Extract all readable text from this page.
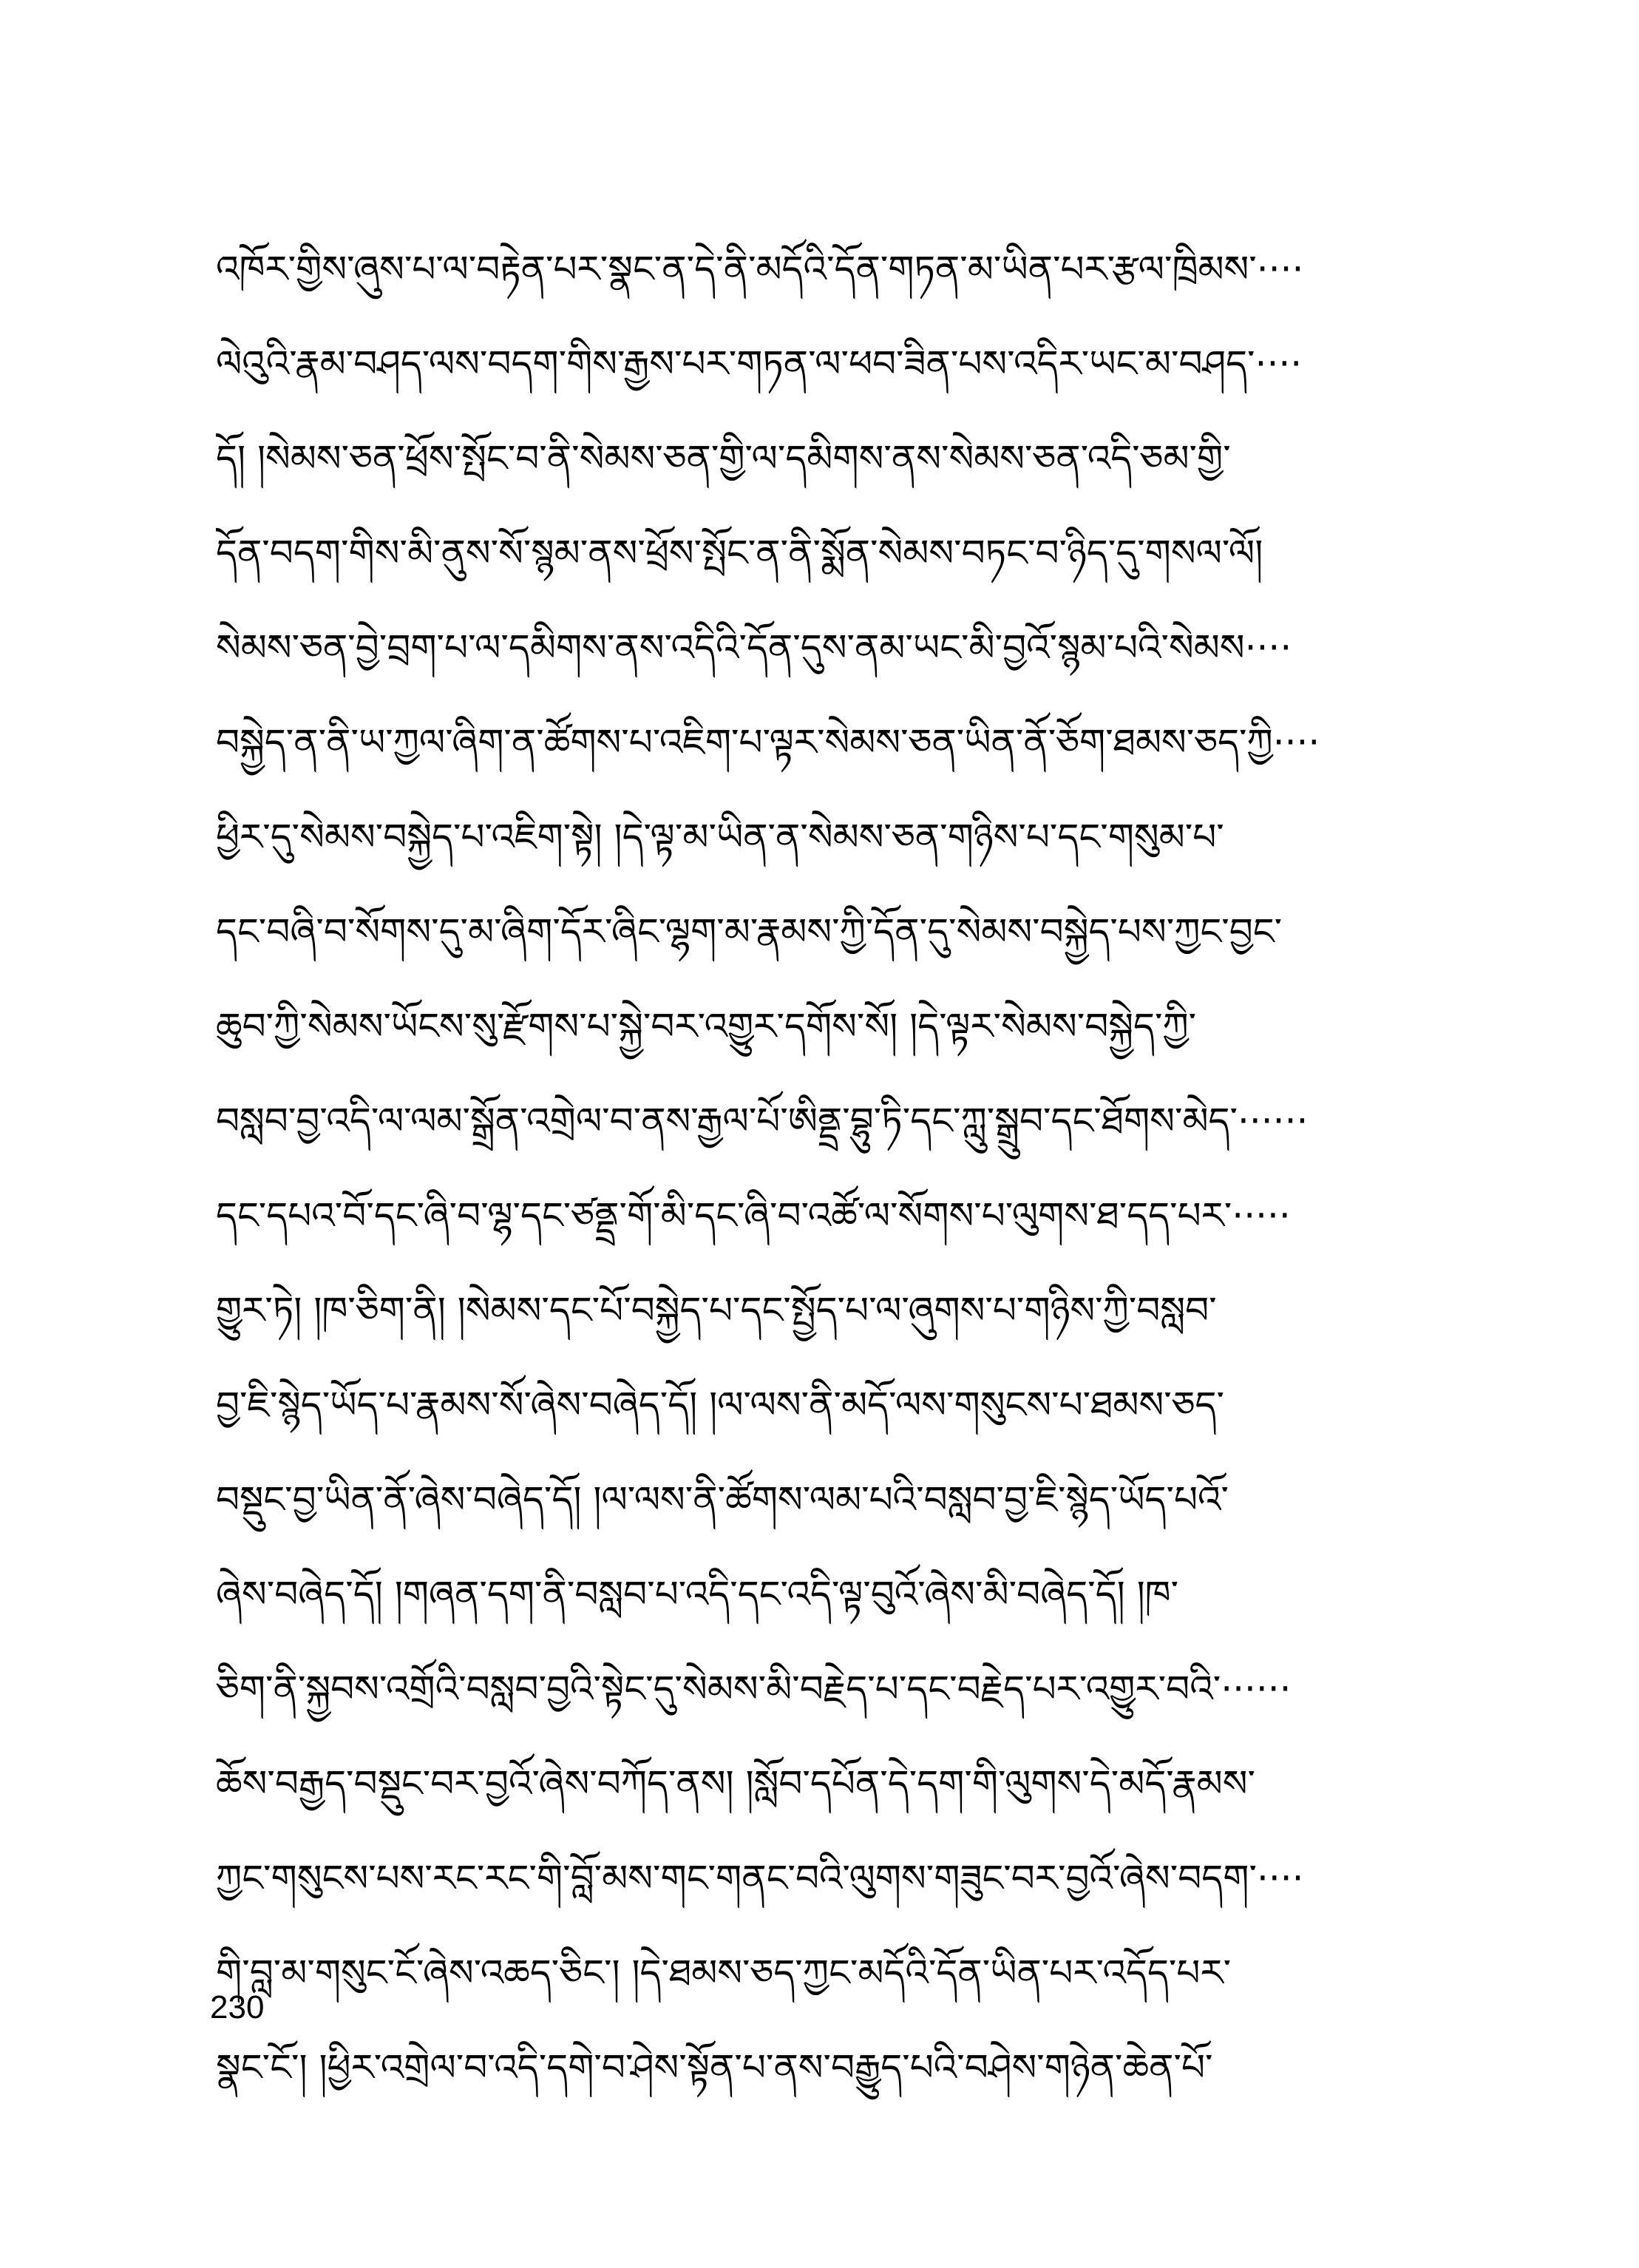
འཁོར་གྱིས་ཞུས་པ་ལ་བརྟེན་པར་སྣང་ན་དེ་ནི་མདོའི་དོན་གཏན་མ་ཡིན་པར་རྩལ་ཁྲིམས་····
ལེའུའི་རྣམ་བཤད་ལས་བདག་གིས་རྒྱས་པར་གཏན་ལ་ཕབ་ཟིན་པས་འདིར་ཡང་མ་བཤད་····
དོ། །སེམས་ཅན་ཕྲོས་སྤོང་བ་ནི་སེམས་ཅན་གྱི་ལ་དམིགས་ནས་སེམས་ཅན་འདི་ཅམ་གྱི་
དོན་བདག་གིས་མི་ནུས་སོ་སྙམ་ནས་ཕྲོས་སྤོང་ན་ནི་སྨོན་སེམས་བཏང་བ་ཉིད་དུ་གསལ་ལོ།
སེམས་ཅན་བྱེ་བྲག་པ་ལ་དམིགས་ནས་འདིའི་དོན་དུས་ནམ་ཡང་མི་བྱའོ་སྙམ་པའི་སེམས····
བསྐྱེད་ན་ནི་ཡ་ཀྱལ་ཞིག་ན་ཚོགས་པ་འཇིག་པ་ལྟར་སེམས་ཅན་ཡིན་ནོ་ཅོག་ཐམས་ཅད་ཀྱི····
ཕྱིར་དུ་སེམས་བསྐྱེད་པ་འཇིག་སྟེ། །དེ་ལྟ་མ་ཡིན་ན་སེམས་ཅན་གཉིས་པ་དང་གསུམ་པ་
དང་བཞི་བ་སོགས་དུ་མ་ཞིག་དོར་ཞིང་ལྷག་མ་རྣམས་ཀྱི་དོན་དུ་སེམས་བསྐྱེད་པས་ཀྱང་བྱང་
ཆུབ་ཀྱི་སེམས་ཡོངས་སུ་རྫོགས་པ་སྐྱེ་བར་འགྱུར་དགོས་སོ། །དེ་ལྟར་སེམས་བསྐྱེད་ཀྱི་
བསླབ་བྱ་འདི་ལ་ལམ་སྒྲོན་འགྲེལ་བ་ནས་རྒྱལ་པོ་ཨིནྡྲ་བྷུ་ཏི་དང་ཀླུ་སྒྲུབ་དང་ཐོགས་མེད་······
དང་དཔའ་བོ་དང་ཞི་བ་ལྷ་དང་ཙནྡྲ་གོ་མི་དང་ཞི་བ་འཚོ་ལ་སོགས་པ་ལུགས་ཐ་དད་པར་·····
གྱུར་ཏེ། །ཁ་ཅིག་ནི། །སེམས་དང་པོ་བསྐྱེད་པ་དང་སྤྱོད་པ་ལ་ཞུགས་པ་གཉིས་ཀྱི་བསླབ་
བྱ་ཇི་སྙེད་ཡོད་པ་རྣམས་སོ་ཞེས་བཞེད་དོ། །ལ་ལས་ནི་མདོ་ལས་གསུངས་པ་ཐམས་ཅད་
བསྡུང་བྱ་ཡིན་ནོ་ཞེས་བཞེད་དོ། །ལ་ལས་ནི་ཚོགས་ལམ་པའི་བསླབ་བྱ་ཇི་སྙེད་ཡོད་པའོ་
ཞེས་བཞེད་དོ། །གཞན་དག་ནི་བསླབ་པ་འདི་དང་འདི་ལྟ་བུའོ་ཞེས་མི་བཞེད་དོ། །ཁ་
ཅིག་ནི་སྐྱབས་འགྲོའི་བསླབ་བྱའི་སྟེང་དུ་སེམས་མི་བརྗེད་པ་དང་བརྗེད་པར་འགྱུར་བའི་······
ཆོས་བརྒྱད་བསྡུང་བར་བྱའོ་ཞེས་བཀོད་ནས། །སློབ་དཔོན་དེ་དག་གི་ལུགས་དེ་མདོ་རྣམས་
ཀྱང་གསུངས་པས་རང་རང་གི་བློ་མས་གང་གནང་བའི་ལུགས་གཟུང་བར་བྱའོ་ཞེས་བདག་····
གི་བླ་མ་གསུང་ངོ་ཞེས་འཆད་ཅིང་། །དེ་ཐམས་ཅད་ཀྱང་མདོའི་དོན་ཡིན་པར་འདོད་པར་
སྣང་ངོ་། །ཕྱིར་འགྲེལ་བ་འདི་དགེ་བ་ཤེས་སྟོན་པ་ནས་བརྒྱུད་པའི་བཤེས་གཉེན་ཆེན་པོ་
230
